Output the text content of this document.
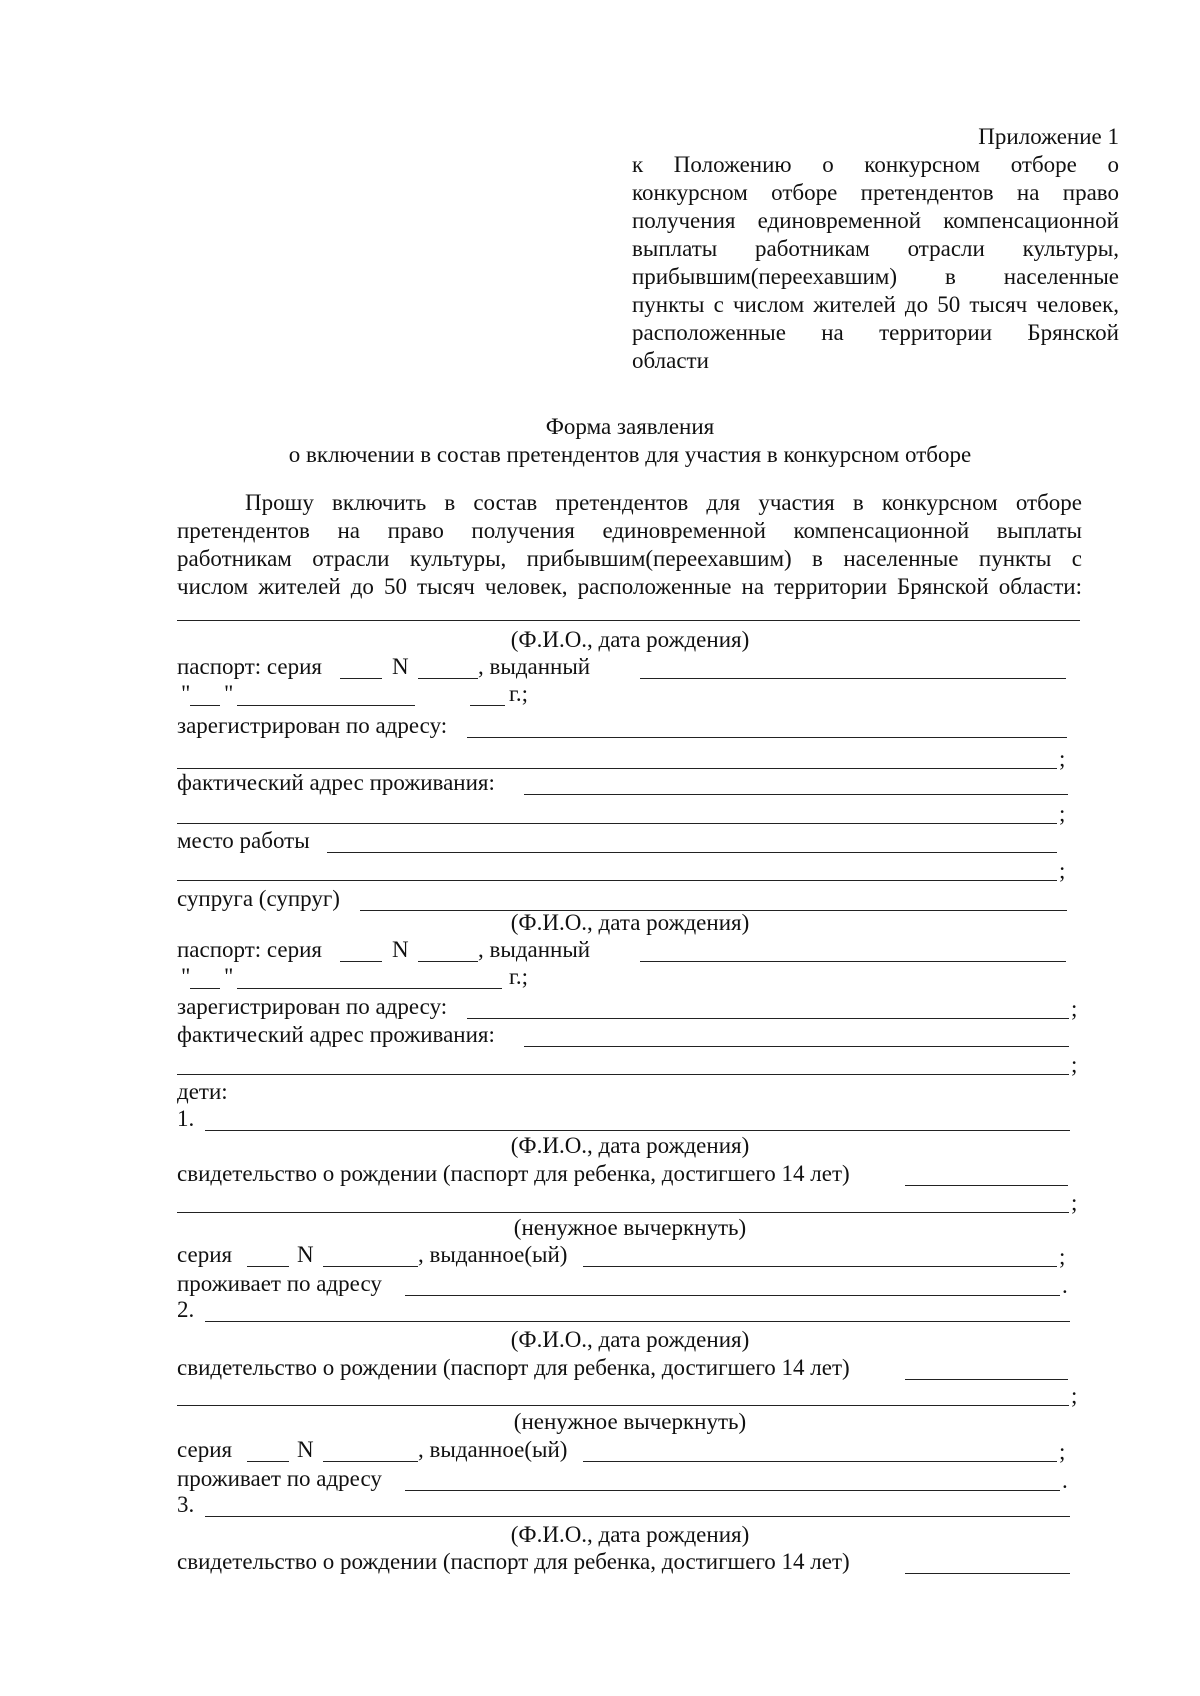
Приложение 1
к Положению о конкурсном отборе о
конкурсном отборе претендентов на право
получения единовременной компенсационной
выплаты работникам отрасли культуры,
прибывшим(переехавшим) в населенные
пункты с числом жителей до 50 тысяч человек,
расположенные на территории Брянской
области
Форма заявления
о включении в состав претендентов для участия в конкурсном отборе
Прошу включить в состав претендентов для участия в конкурсном отборе
претендентов на право получения единовременной компенсационной выплаты
работникам отрасли культуры, прибывшим(переехавшим) в населенные пункты с
числом жителей до 50 тысяч человек, расположенные на территории Брянской области:
(Ф.И.О., дата рождения)
паспорт: серия	N	, выданный
" "	г.;
зарегистрирован по адресу:
;
фактический адрес проживания:
;
место работы
;
супруга (супруг)
(Ф.И.О., дата рождения)
паспорт: серия	N	, выданный
" "	г.;
зарегистрирован по адресу:	;
фактический адрес проживания:
;
дети:
1.
(Ф.И.О., дата рождения)
свидетельство о рождении (паспорт для ребенка, достигшего 14 лет)
;
(ненужное вычеркнуть)
серия	N	, выданное(ый)	;
проживает по адресу	.
2.
(Ф.И.О., дата рождения)
свидетельство о рождении (паспорт для ребенка, достигшего 14 лет)
;
(ненужное вычеркнуть)
серия	N	, выданное(ый)	;
проживает по адресу	.
3.
(Ф.И.О., дата рождения)
свидетельство о рождении (паспорт для ребенка, достигшего 14 лет)
